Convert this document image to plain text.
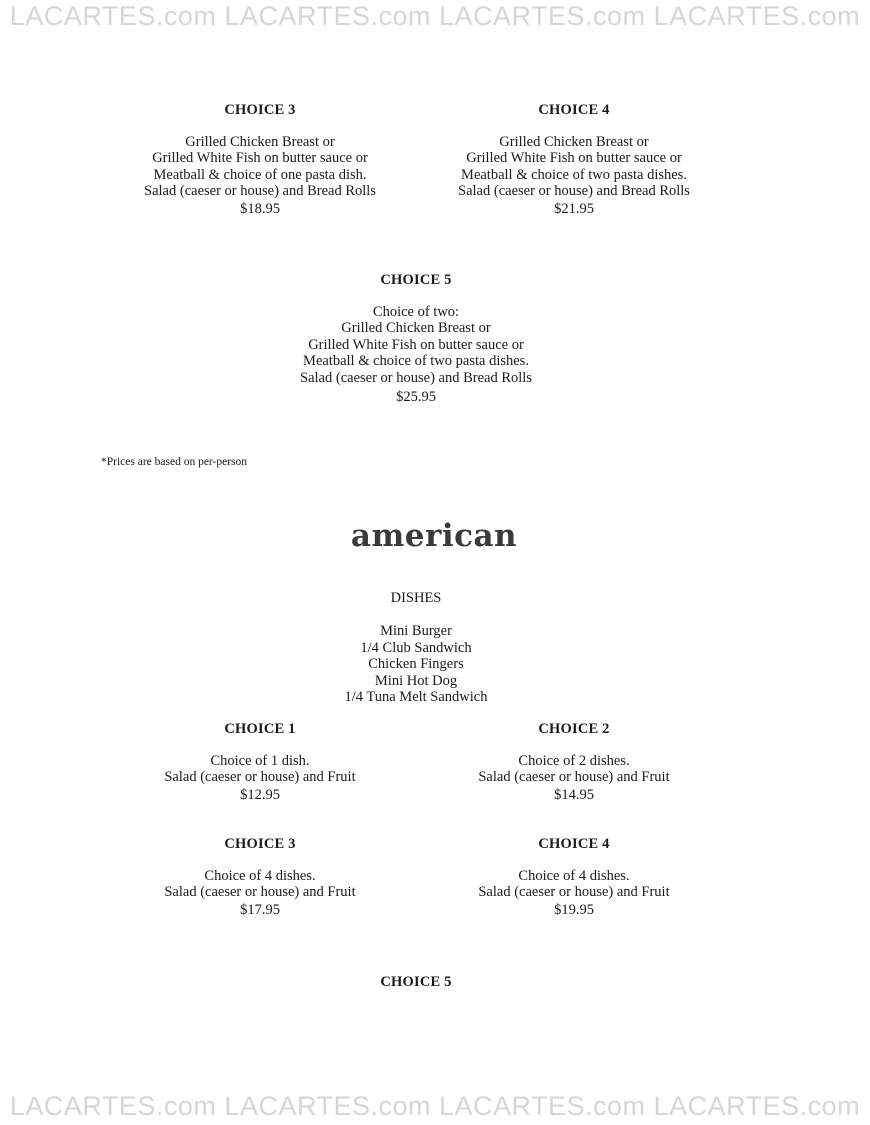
LACARTES.com LACARTES.com LACARTES.com LACARTES.com
CHOICE 3
Grilled Chicken Breast or
Grilled White Fish on butter sauce or
Meatball & choice of one pasta dish.
Salad (caeser or house) and Bread Rolls
$18.95
CHOICE 4
Grilled Chicken Breast or
Grilled White Fish on butter sauce or
Meatball & choice of two pasta dishes.
Salad (caeser or house) and Bread Rolls
$21.95
CHOICE 5
Choice of two:
Grilled Chicken Breast or
Grilled White Fish on butter sauce or
Meatball & choice of two pasta dishes.
Salad (caeser or house) and Bread Rolls
$25.95
*Prices are based on per-person
american
DISHES
Mini Burger
1/4 Club Sandwich
Chicken Fingers
Mini Hot Dog
1/4 Tuna Melt Sandwich
CHOICE 1
Choice of 1 dish.
Salad (caeser or house) and Fruit
$12.95
CHOICE 2
Choice of 2 dishes.
Salad (caeser or house) and Fruit
$14.95
CHOICE 3
Choice of 4 dishes.
Salad (caeser or house) and Fruit
$17.95
CHOICE 4
Choice of 4 dishes.
Salad (caeser or house) and Fruit
$19.95
CHOICE 5
LACARTES.com LACARTES.com LACARTES.com LACARTES.com
